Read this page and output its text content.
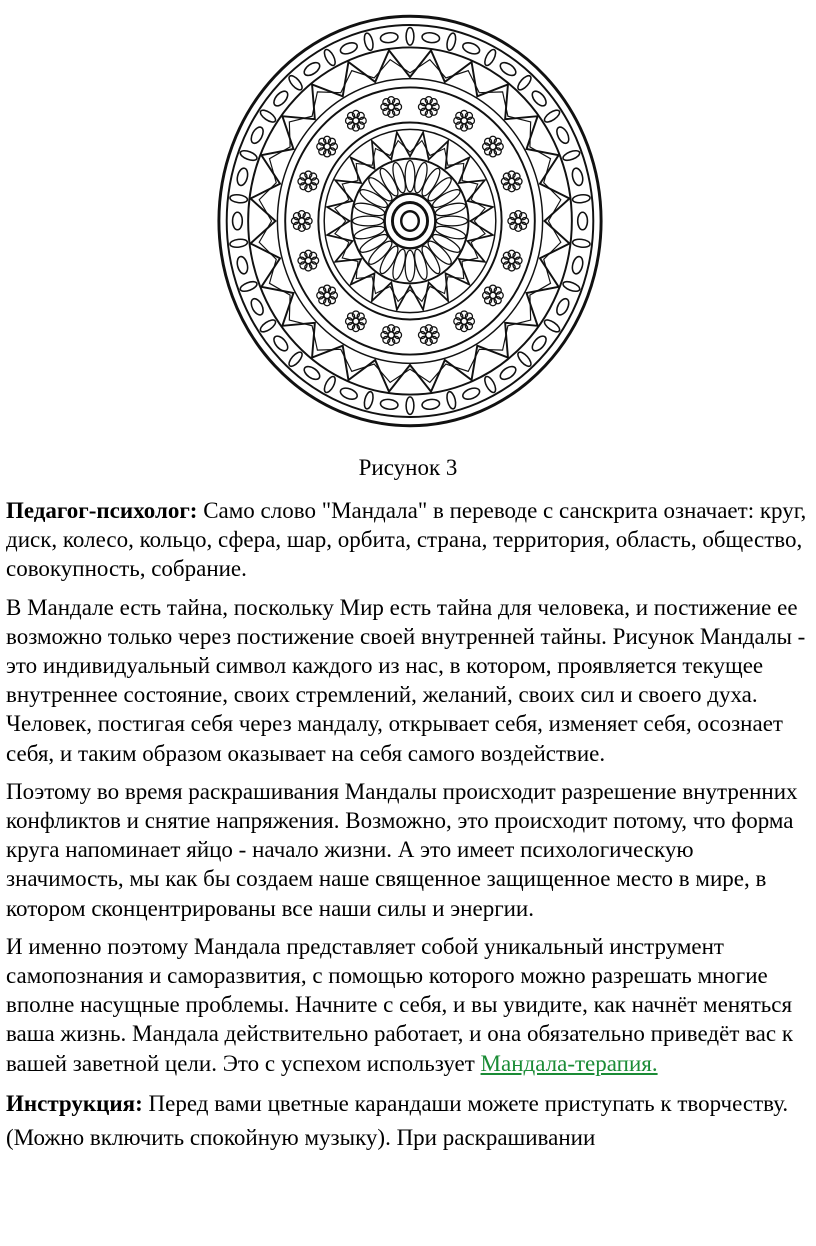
Рисунок 3

Педагог-психолог: Само слово "Мандала" в переводе с санскрита означает: круг, диск, колесо, кольцо, сфера, шар, орбита, страна, территория, область, общество, совокупность, собрание.

В Мандале есть тайна, поскольку Мир есть тайна для человека, и постижение ее возможно только через постижение своей внутренней тайны. Рисунок Мандалы - это индивидуальный символ каждого из нас, в котором, проявляется текущее внутреннее состояние, своих стремлений, желаний, своих сил и своего духа. Человек, постигая себя через мандалу, открывает себя, изменяет себя, осознает себя, и таким образом оказывает на себя самого воздействие.

Поэтому во время раскрашивания Мандалы происходит разрешение внутренних конфликтов и снятие напряжения. Возможно, это происходит потому, что форма круга напоминает яйцо - начало жизни. А это имеет психологическую значимость, мы как бы создаем наше священное защищенное место в мире, в котором сконцентрированы все наши силы и энергии.

И именно поэтому Мандала представляет собой уникальный инструмент самопознания и саморазвития, с помощью которого можно разрешать многие вполне насущные проблемы. Начните с себя, и вы увидите, как начнёт меняться ваша жизнь. Мандала действительно работает, и она обязательно приведёт вас к вашей заветной цели. Это с успехом использует Мандала-терапия.

Инструкция: Перед вами цветные карандаши можете приступать к творчеству. (Можно включить спокойную музыку). При раскрашивании
